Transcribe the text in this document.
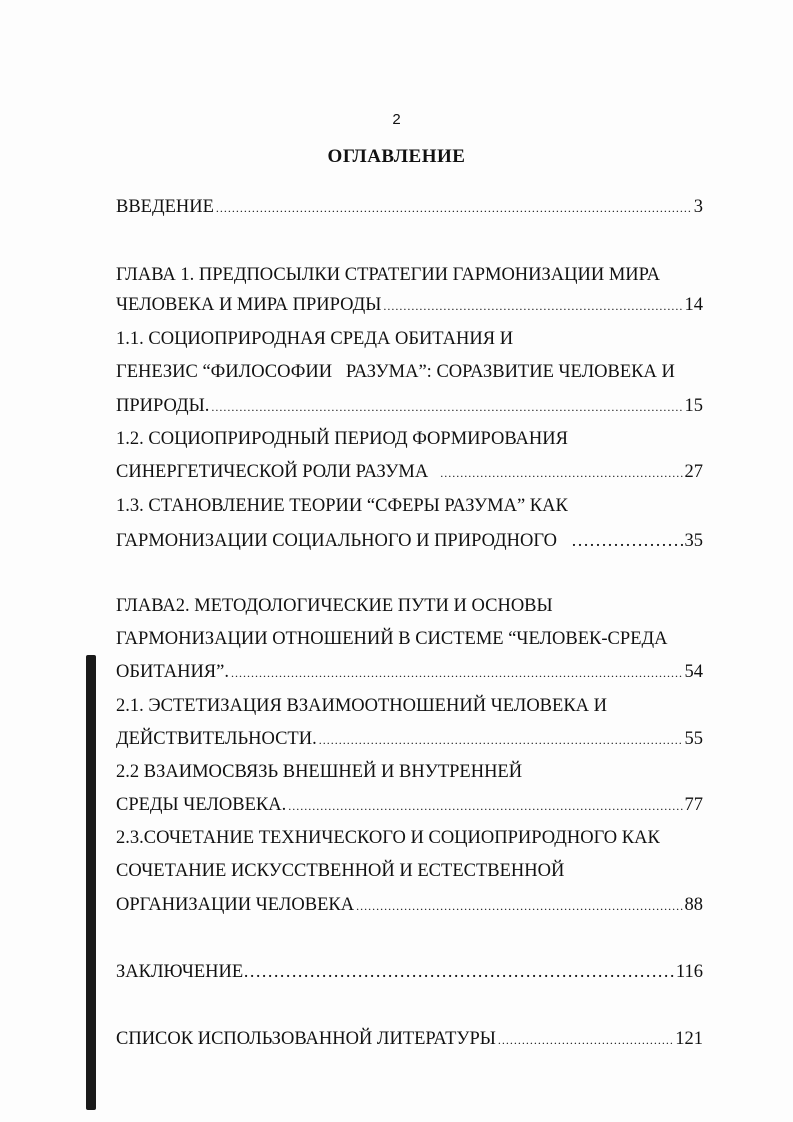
2
ОГЛАВЛЕНИЕ
ВВЕДЕНИЕ .....	3
ГЛАВА 1. ПРЕДПОСЫЛКИ СТРАТЕГИИ ГАРМОНИЗАЦИИ МИРА
ЧЕЛОВЕКА И МИРА ПРИРОДЫ .....	14
1.1. СОЦИОПРИРОДНАЯ СРЕДА ОБИТАНИЯ И
ГЕНЕЗИС “ФИЛОСОФИИ   РАЗУМА”: СОРАЗВИТИЕ ЧЕЛОВЕКА И
ПРИРОДЫ. .....	15
1.2. СОЦИОПРИРОДНЫЙ ПЕРИОД ФОРМИРОВАНИЯ
СИНЕРГЕТИЧЕСКОЙ РОЛИ РАЗУМА .....	27
1.3. СТАНОВЛЕНИЕ ТЕОРИИ “СФЕРЫ РАЗУМА” КАК
ГАРМОНИЗАЦИИ СОЦИАЛЬНОГО И ПРИРОДНОГО ……………………………………………………………………………………………………………………………………………	35
ГЛАВА2. МЕТОДОЛОГИЧЕСКИЕ ПУТИ И ОСНОВЫ
ГАРМОНИЗАЦИИ ОТНОШЕНИЙ В СИСТЕМЕ “ЧЕЛОВЕК-СРЕДА
ОБИТАНИЯ”. .....	54
2.1. ЭСТЕТИЗАЦИЯ ВЗАИМООТНОШЕНИЙ ЧЕЛОВЕКА И
ДЕЙСТВИТЕЛЬНОСТИ. .....	55
2.2 ВЗАИМОСВЯЗЬ ВНЕШНЕЙ И ВНУТРЕННЕЙ
СРЕДЫ ЧЕЛОВЕКА. .....	77
2.3.СОЧЕТАНИЕ ТЕХНИЧЕСКОГО И СОЦИОПРИРОДНОГО КАК
СОЧЕТАНИЕ ИСКУССТВЕННОЙ И ЕСТЕСТВЕННОЙ
ОРГАНИЗАЦИИ ЧЕЛОВЕКА .....	88
ЗАКЛЮЧЕНИЕ ……………………………………………………………………………………………………………………………………………	116
СПИСОК ИСПОЛЬЗОВАННОЙ ЛИТЕРАТУРЫ .....	121
